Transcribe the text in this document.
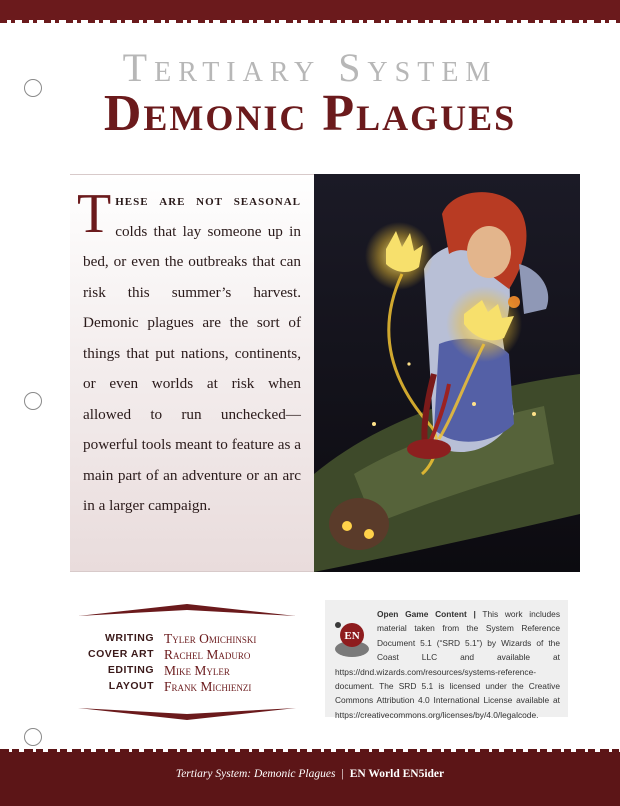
Tertiary System
Demonic Plagues
These are not seasonal colds that lay someone up in bed, or even the outbreaks that can risk this summer’s harvest. Demonic plagues are the sort of things that put nations, continents, or even worlds at risk when allowed to run unchecked—powerful tools meant to feature as a main part of an adventure or an arc in a larger campaign.
WRITING Tyler Omichinski
COVER ART Rachel Maduro
EDITING Mike Myler
LAYOUT Frank Michienzi
EN
Open Game Content | This work includes material taken from the System Reference Document 5.1 (“SRD 5.1”) by Wizards of the Coast LLC and available at https://dnd.wizards.com/resources/systems-reference-document. The SRD 5.1 is licensed under the Creative Commons Attribution 4.0 International License available at https://creativecommons.org/licenses/by/4.0/legalcode.
Tertiary System: Demonic Plagues | EN World EN5ider
